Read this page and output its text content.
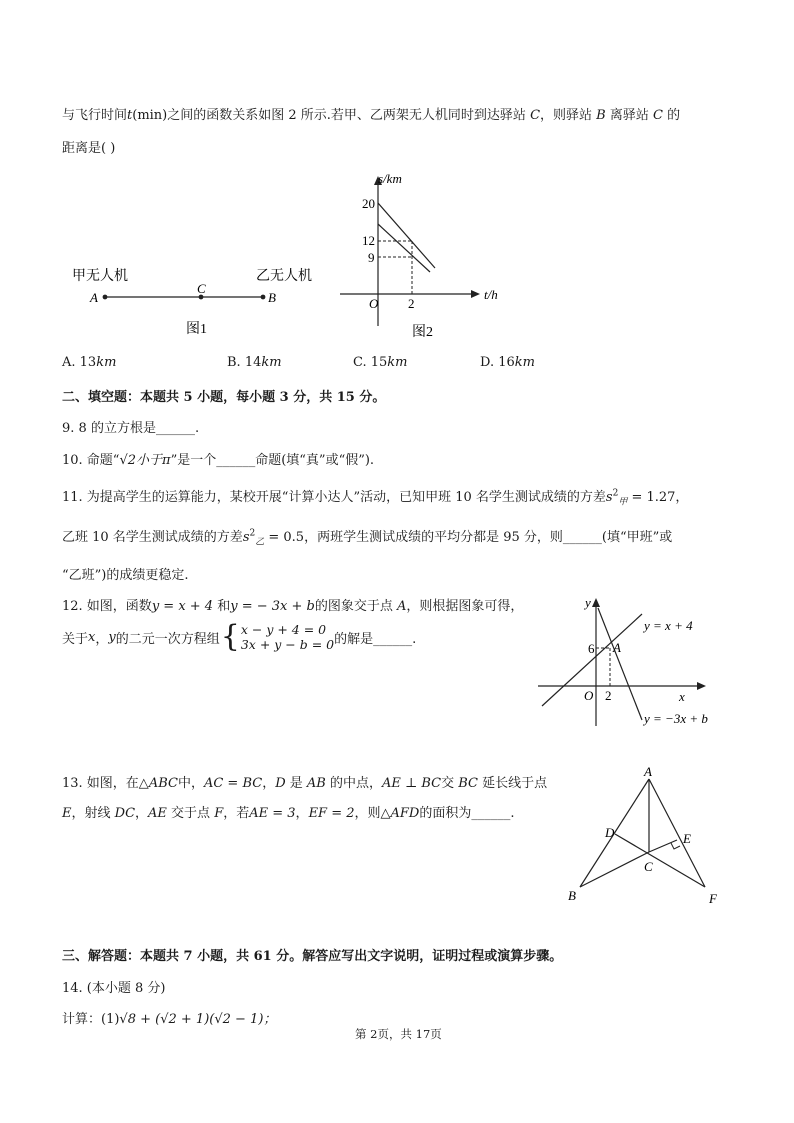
与飞行时间t(min)之间的函数关系如图 2 所示.若甲、乙两架无人机同时到达驿站 C，则驿站 B 离驿站 C 的
距离是( )
甲无人机	乙无人机
A
C
B
图1
s/km
t/h
O
20
12
9
2
图2
A. 13km	B. 14km	C. 15km	D. 16km
二、填空题：本题共 5 小题，每小题 3 分，共 15 分。
9. 8 的立方根是______.
10. 命题“√2小于π”是一个______命题(填“真”或“假”).
11. 为提高学生的运算能力，某校开展“计算小达人”活动，已知甲班 10 名学生测试成绩的方差$s^2_甲 = 1.27$，
乙班 10 名学生测试成绩的方差$s^2_乙 = 0.5$，两班学生测试成绩的平均分都是 95 分，则______(填“甲班”或
“乙班”)的成绩更稳定.
12. 如图，函数y = x + 4 和y = − 3x + b的图象交于点 A，则根据图象可得，
关于 x ， y 的二元一次方程组 { x − y + 4 = 0
3x + y − b = 0 的解是______.
y
x
O
6
2
A
y = x + 4
y = −3x + b
13. 如图，在△ABC中，AC = BC，D 是 AB 的中点，AE ⊥ BC交 BC 延长线于点
E，射线 DC，AE 交于点 F，若AE = 3，EF = 2，则△AFD的面积为______.
A
B
C
D	E
F
三、解答题：本题共 7 小题，共 61 分。解答应写出文字说明，证明过程或演算步骤。
14. (本小题 8 分)
计算：(1)√8 + (√2 + 1)(√2 − 1)；
第 2页，共 17页
